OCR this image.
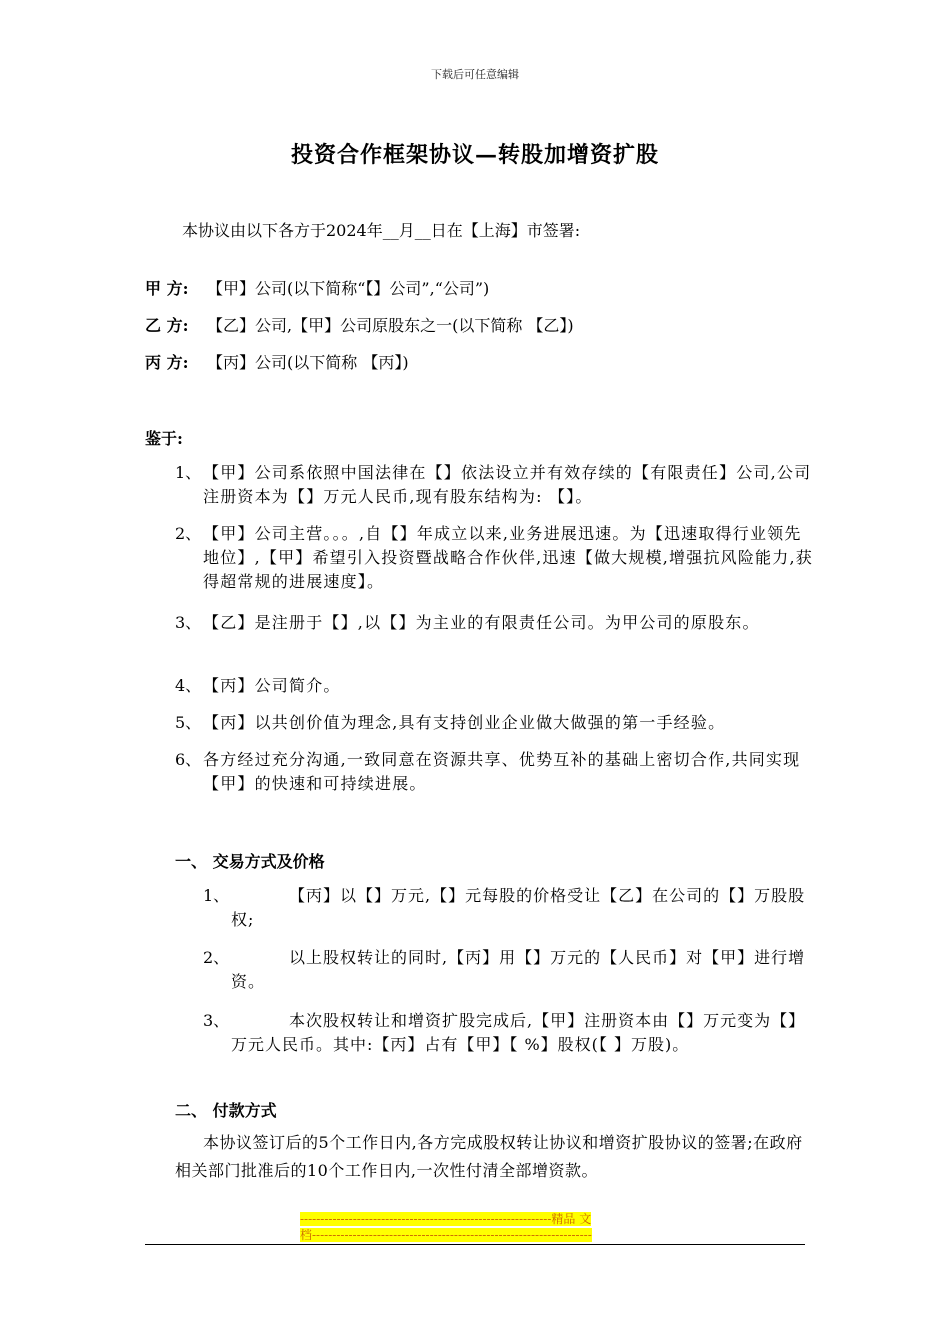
下载后可任意编辑
投资合作框架协议—转股加增资扩股
本协议由以下各方于2024年__月__日在【上海】市签署:
甲 方: 【甲】公司(以下简称“【】公司”,“公司”)
乙 方: 【乙】公司,【甲】公司原股东之一(以下简称 【乙】)
丙 方: 【丙】公司(以下简称 【丙】)
鉴于:
1、 【甲】公司系依照中国法律在【】依法设立并有效存续的【有限责任】公司,公司注册资本为【】万元人民币,现有股东结构为: 【】。
2、 【甲】公司主营。。。,自【】年成立以来,业务进展迅速。为【迅速取得行业领先地位】,【甲】希望引入投资暨战略合作伙伴,迅速【做大规模,增强抗风险能力,获得超常规的进展速度】。
3、 【乙】是注册于【】,以【】为主业的有限责任公司。为甲公司的原股东。
4、 【丙】公司简介。
5、 【丙】以共创价值为理念,具有支持创业企业做大做强的第一手经验。
6、 各方经过充分沟通,一致同意在资源共享、优势互补的基础上密切合作,共同实现【甲】的快速和可持续进展。
一、 交易方式及价格
1、	【丙】以【】万元,【】元每股的价格受让【乙】在公司的【】万股股权;
2、	以上股权转让的同时,【丙】用【】万元的【人民币】对【甲】进行增资。
3、	本次股权转让和增资扩股完成后,【甲】注册资本由【】万元变为【】万元人民币。其中:【丙】占有【甲】【 %】股权(【 】万股)。
二、 付款方式
本协议签订后的5个工作日内,各方完成股权转让协议和增资扩股协议的签署;在政府相关部门批准后的10个工作日内,一次性付清全部增资款。
--------------------------------------------------------------精品 文
档---------------------------------------------------------------------
